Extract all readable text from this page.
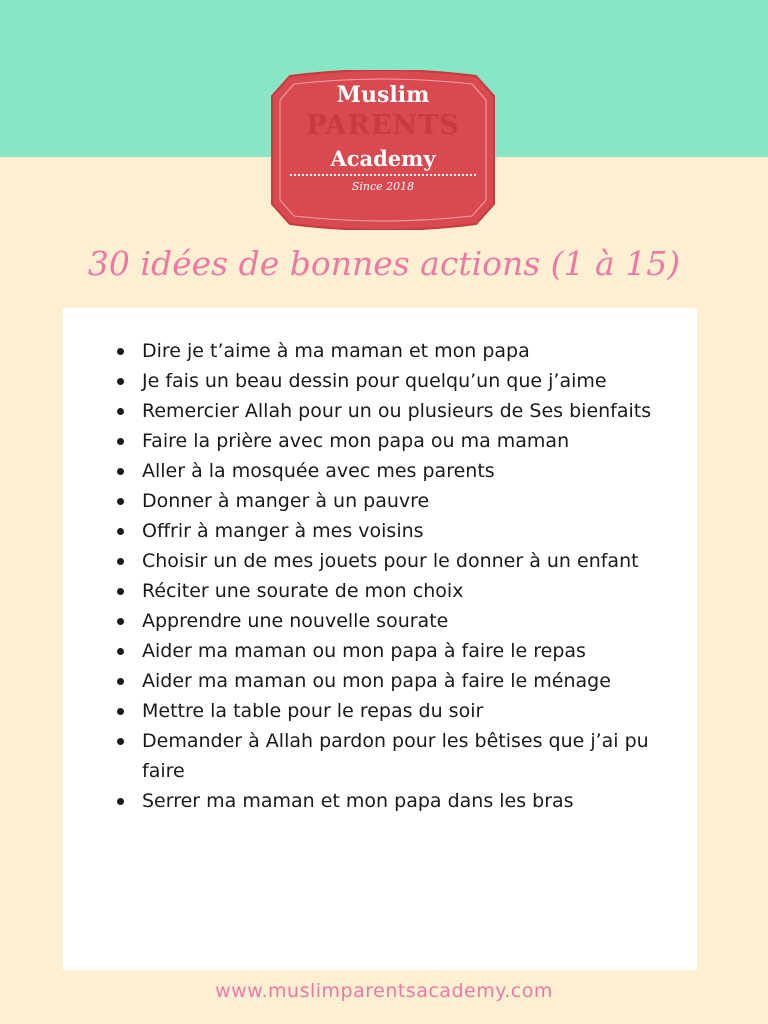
Muslim
PARENTS
Academy
Since 2018
30 idées de bonnes actions (1 à 15)
Dire je t’aime à ma maman et mon papa
Je fais un beau dessin pour quelqu’un que j’aime
Remercier Allah pour un ou plusieurs de Ses bienfaits
Faire la prière avec mon papa ou ma maman
Aller à la mosquée avec mes parents
Donner à manger à un pauvre
Offrir à manger à mes voisins
Choisir un de mes jouets pour le donner à un enfant
Réciter une sourate de mon choix
Apprendre une nouvelle sourate
Aider ma maman ou mon papa à faire le repas
Aider ma maman ou mon papa à faire le ménage
Mettre la table pour le repas du soir
Demander à Allah pardon pour les bêtises que j’ai pu faire
Serrer ma maman et mon papa dans les bras
www.muslimparentsacademy.com
